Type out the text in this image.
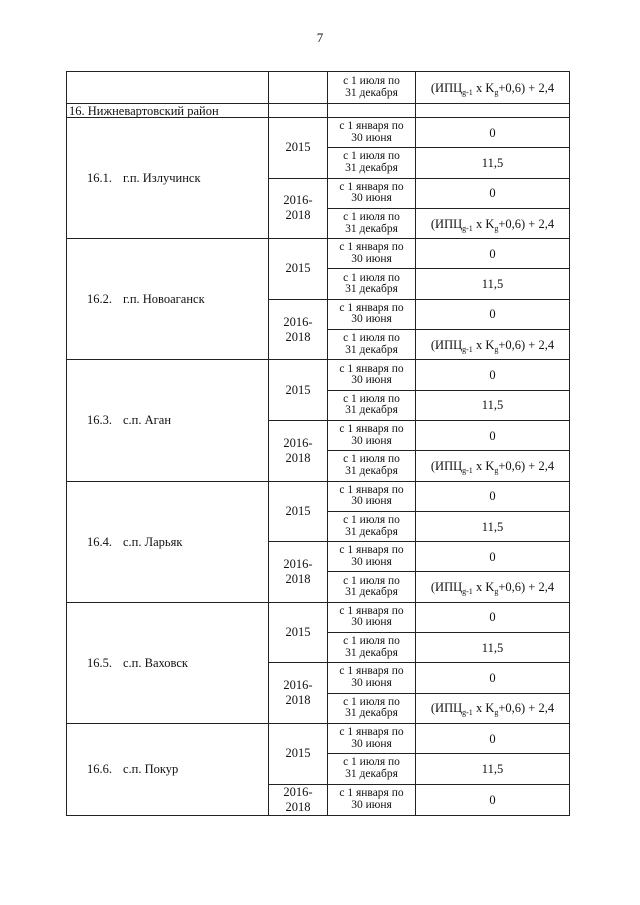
7
		с 1 июля по
31 декабря	($ИПЦ_{g-1}$ x $K_g+0,6) + 2,4$
16. Нижневартовский район			
16.1. г.п. Излучинск	2015	с 1 января по
30 июня	0
		с 1 июля по
31 декабря	11,5
	2016-
2018	с 1 января по
30 июня	0
		с 1 июля по
31 декабря	($ИПЦ_{g-1}$ x $K_g+0,6) + 2,4$
16.2. г.п. Новоаганск	2015	с 1 января по
30 июня	0
		с 1 июля по
31 декабря	11,5
	2016-
2018	с 1 января по
30 июня	0
		с 1 июля по
31 декабря	($ИПЦ_{g-1}$ x $K_g+0,6) + 2,4$
16.3. с.п. Аган	2015	с 1 января по
30 июня	0
		с 1 июля по
31 декабря	11,5
	2016-
2018	с 1 января по
30 июня	0
		с 1 июля по
31 декабря	($ИПЦ_{g-1}$ x $K_g+0,6) + 2,4$
16.4. с.п. Ларьяк	2015	с 1 января по
30 июня	0
		с 1 июля по
31 декабря	11,5
	2016-
2018	с 1 января по
30 июня	0
		с 1 июля по
31 декабря	($ИПЦ_{g-1}$ x $K_g+0,6) + 2,4$
16.5. с.п. Ваховск	2015	с 1 января по
30 июня	0
		с 1 июля по
31 декабря	11,5
	2016-
2018	с 1 января по
30 июня	0
		с 1 июля по
31 декабря	($ИПЦ_{g-1}$ x $K_g+0,6) + 2,4$
16.6. с.п. Покур	2015	с 1 января по
30 июня	0
		с 1 июля по
31 декабря	11,5
	2016-
2018	с 1 января по
30 июня	0
